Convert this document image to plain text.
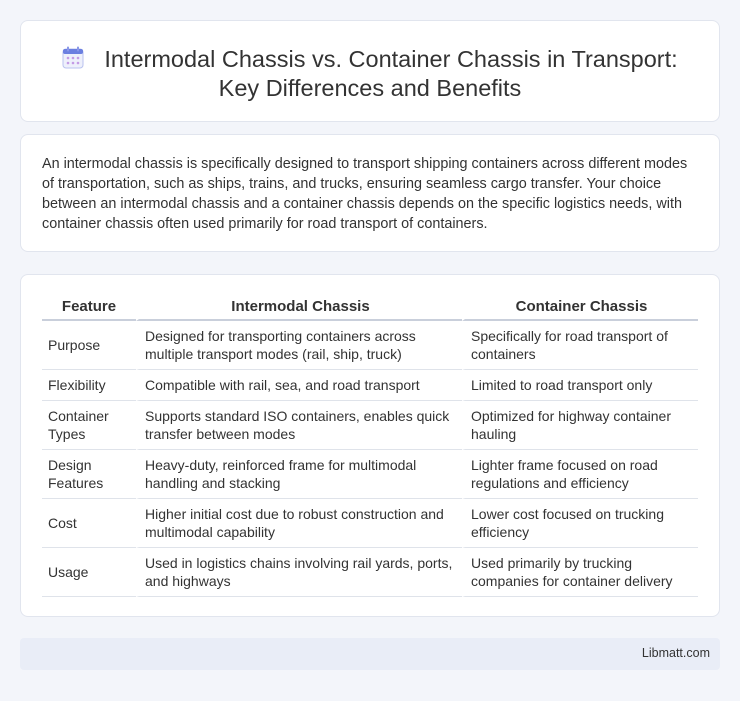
Intermodal Chassis vs. Container Chassis in Transport:
Key Differences and Benefits

An intermodal chassis is specifically designed to transport shipping containers across different modes of transportation, such as ships, trains, and trucks, ensuring seamless cargo transfer. Your choice between an intermodal chassis and a container chassis depends on the specific logistics needs, with container chassis often used primarily for road transport of containers.

Feature	Intermodal Chassis	Container Chassis
Purpose	Designed for transporting containers across multiple transport modes (rail, ship, truck)	Specifically for road transport of containers
Flexibility	Compatible with rail, sea, and road transport	Limited to road transport only
Container Types	Supports standard ISO containers, enables quick transfer between modes	Optimized for highway container hauling
Design Features	Heavy-duty, reinforced frame for multimodal handling and stacking	Lighter frame focused on road regulations and efficiency
Cost	Higher initial cost due to robust construction and multimodal capability	Lower cost focused on trucking efficiency
Usage	Used in logistics chains involving rail yards, ports, and highways	Used primarily by trucking companies for container delivery
Libmatt.com
